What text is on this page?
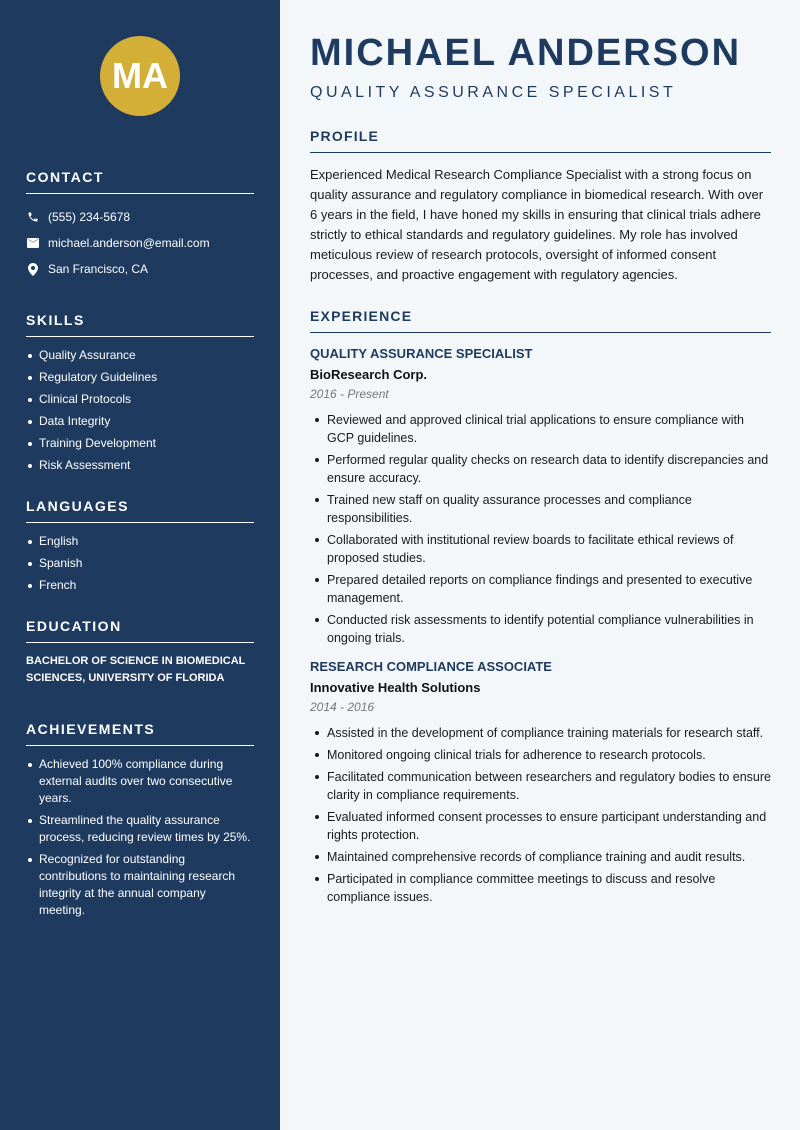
MA
CONTACT
(555) 234-5678
michael.anderson@email.com
San Francisco, CA
SKILLS
Quality Assurance
Regulatory Guidelines
Clinical Protocols
Data Integrity
Training Development
Risk Assessment
LANGUAGES
English
Spanish
French
EDUCATION
BACHELOR OF SCIENCE IN BIOMEDICAL SCIENCES, UNIVERSITY OF FLORIDA
ACHIEVEMENTS
Achieved 100% compliance during external audits over two consecutive years.
Streamlined the quality assurance process, reducing review times by 25%.
Recognized for outstanding contributions to maintaining research integrity at the annual company meeting.
MICHAEL ANDERSON
QUALITY ASSURANCE SPECIALIST
PROFILE
Experienced Medical Research Compliance Specialist with a strong focus on quality assurance and regulatory compliance in biomedical research. With over 6 years in the field, I have honed my skills in ensuring that clinical trials adhere strictly to ethical standards and regulatory guidelines. My role has involved meticulous review of research protocols, oversight of informed consent processes, and proactive engagement with regulatory agencies.
EXPERIENCE
QUALITY ASSURANCE SPECIALIST
BioResearch Corp.
2016 - Present
Reviewed and approved clinical trial applications to ensure compliance with GCP guidelines.
Performed regular quality checks on research data to identify discrepancies and ensure accuracy.
Trained new staff on quality assurance processes and compliance responsibilities.
Collaborated with institutional review boards to facilitate ethical reviews of proposed studies.
Prepared detailed reports on compliance findings and presented to executive management.
Conducted risk assessments to identify potential compliance vulnerabilities in ongoing trials.
RESEARCH COMPLIANCE ASSOCIATE
Innovative Health Solutions
2014 - 2016
Assisted in the development of compliance training materials for research staff.
Monitored ongoing clinical trials for adherence to research protocols.
Facilitated communication between researchers and regulatory bodies to ensure clarity in compliance requirements.
Evaluated informed consent processes to ensure participant understanding and rights protection.
Maintained comprehensive records of compliance training and audit results.
Participated in compliance committee meetings to discuss and resolve compliance issues.
